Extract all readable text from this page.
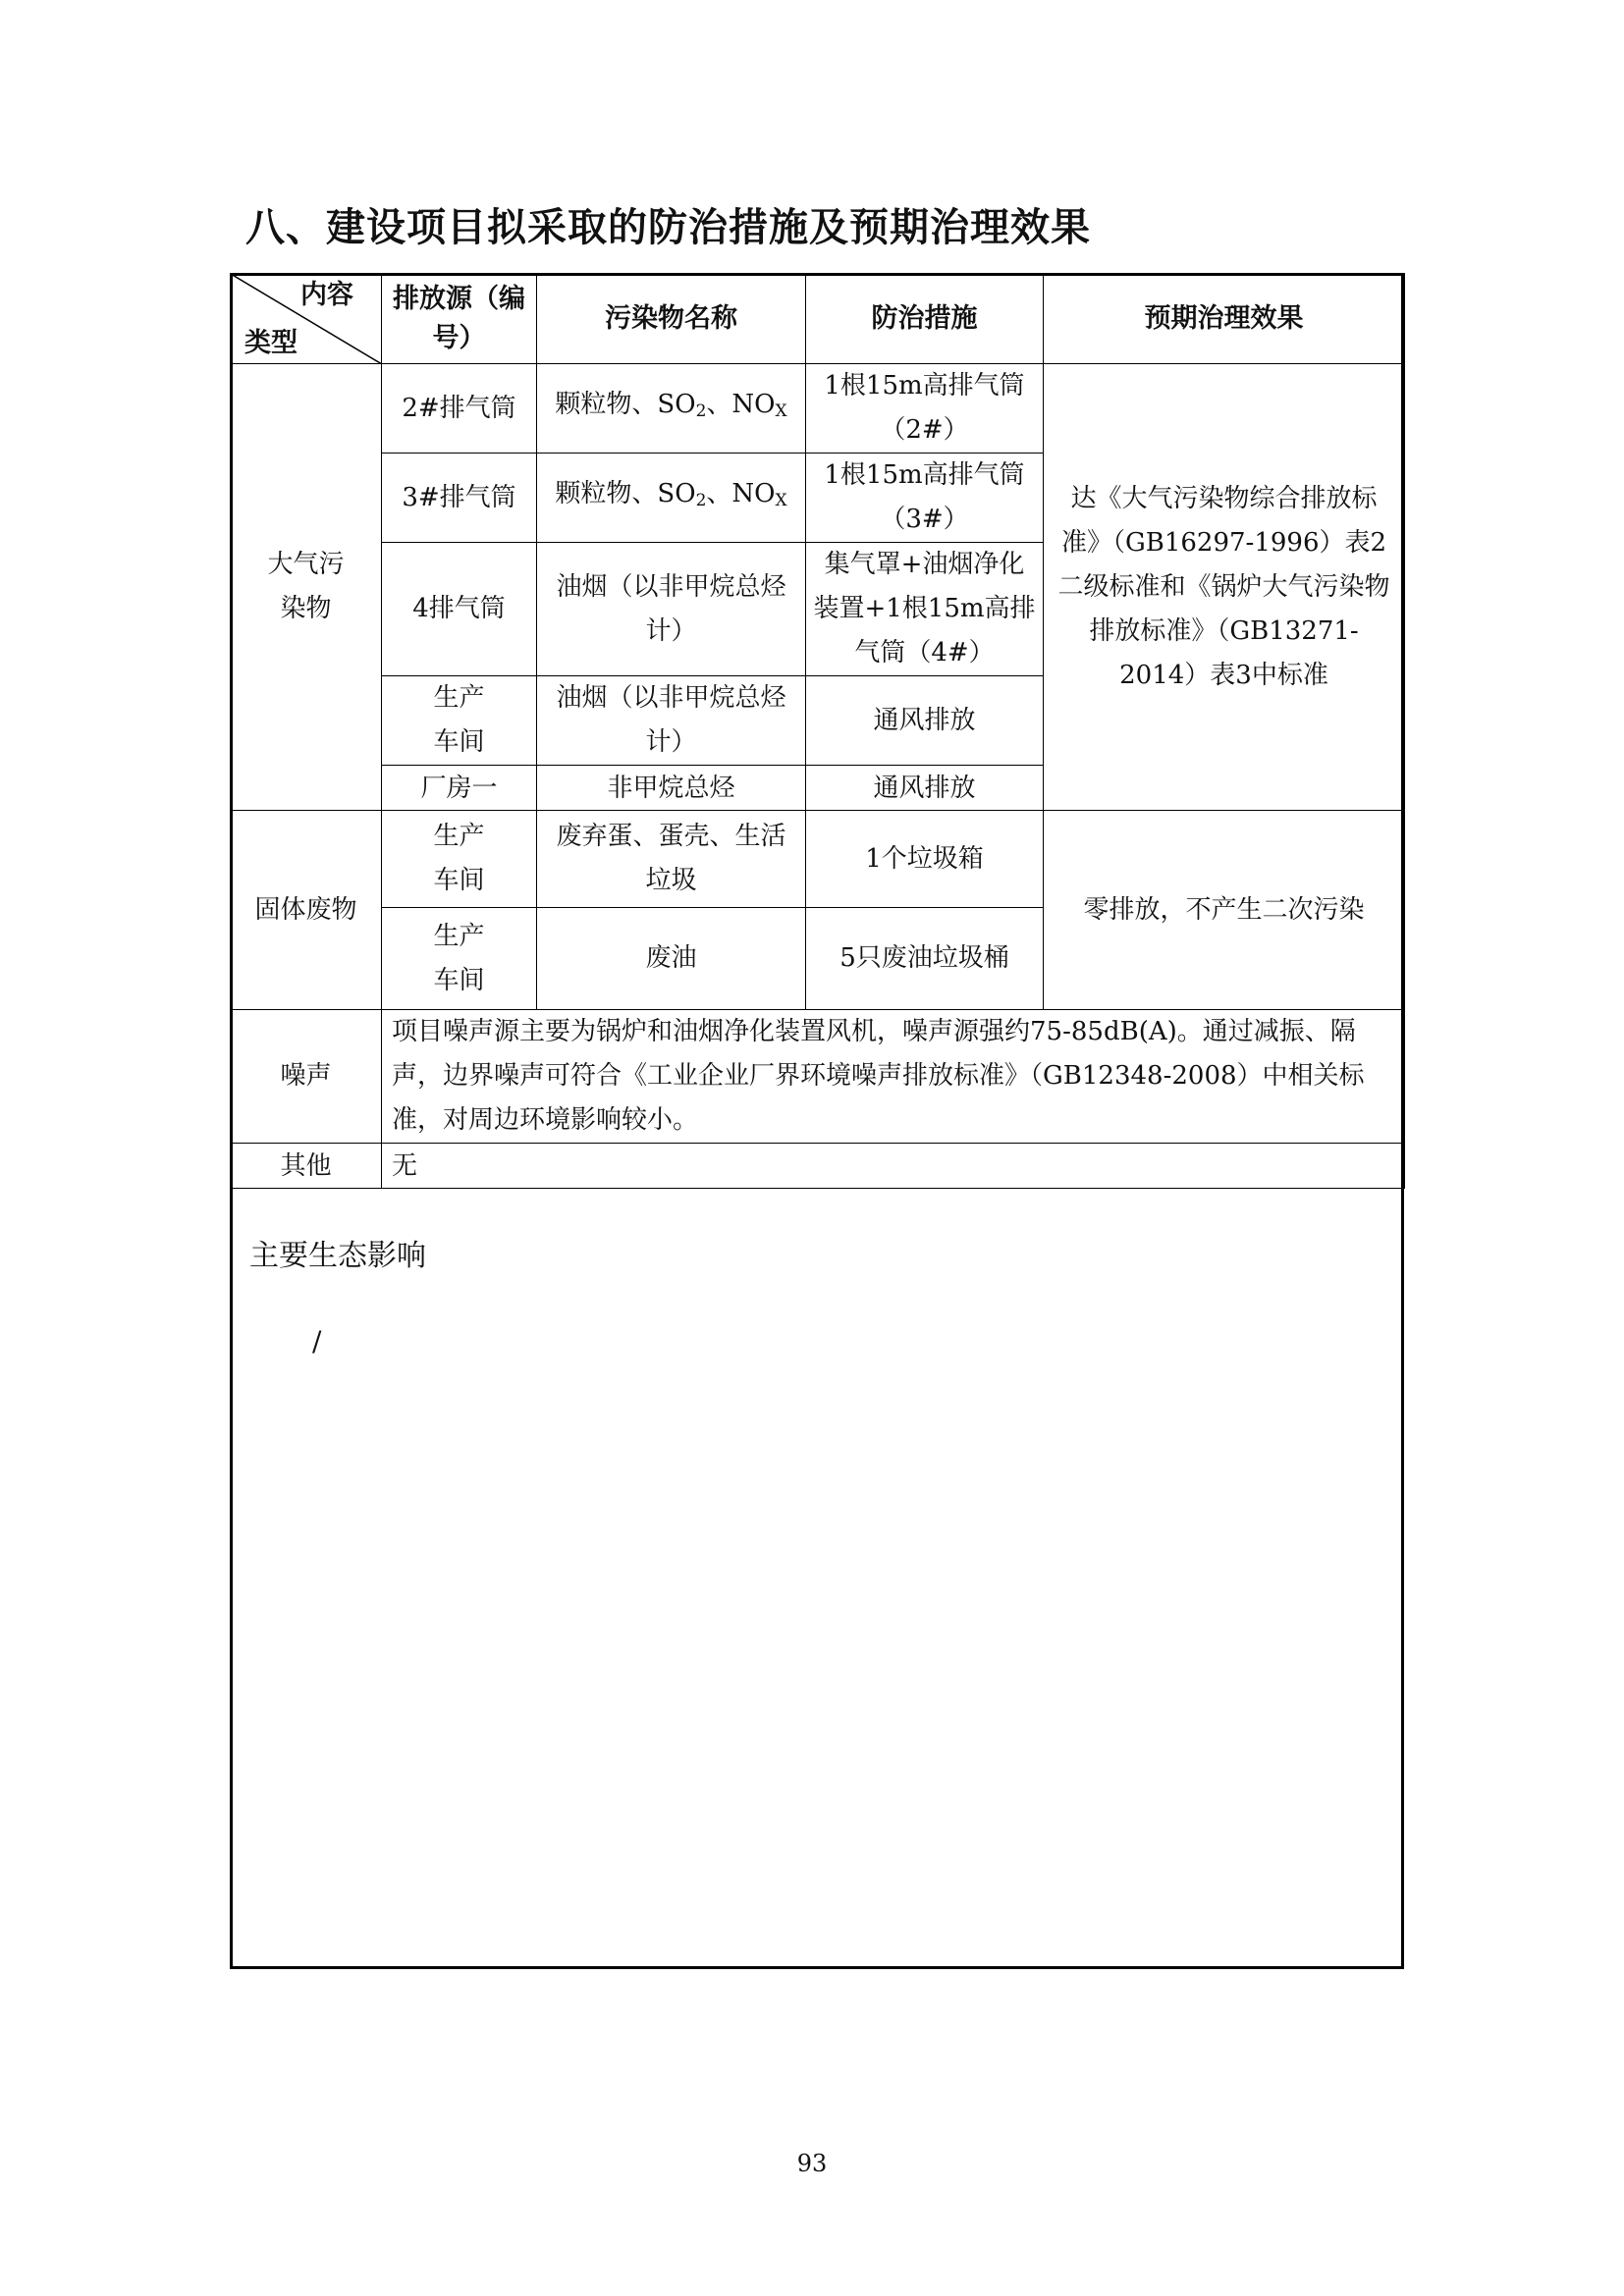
八、建设项目拟采取的防治措施及预期治理效果
内容
类型	排放源（编号）	污染物名称	防治措施	预期治理效果
大气污染物	2#排气筒	颗粒物、$SO_2$、$NO_X$	1根15m高排气筒（2#）	达《大气污染物综合排放标准》（GB16297-1996）表2二级标准和《锅炉大气污染物排放标准》（GB13271-2014）表3中标准
	3#排气筒	颗粒物、$SO_2$、$NO_X$	1根15m高排气筒（3#）	
	4排气筒	油烟（以非甲烷总烃计）	集气罩+油烟净化装置+1根15m高排气筒（4#）	
	生产车间	油烟（以非甲烷总烃计）	通风排放	
	厂房一	非甲烷总烃	通风排放	
固体废物	生产车间	废弃蛋、蛋壳、生活垃圾	1个垃圾箱	零排放，不产生二次污染
	生产车间	废油	5只废油垃圾桶	
噪声	项目噪声源主要为锅炉和油烟净化装置风机，噪声源强约75-85dB(A)。通过减振、隔声，边界噪声可符合《工业企业厂界环境噪声排放标准》（GB12348-2008）中相关标准，对周边环境影响较小。			
其他	无			
主要生态影响
/
93
